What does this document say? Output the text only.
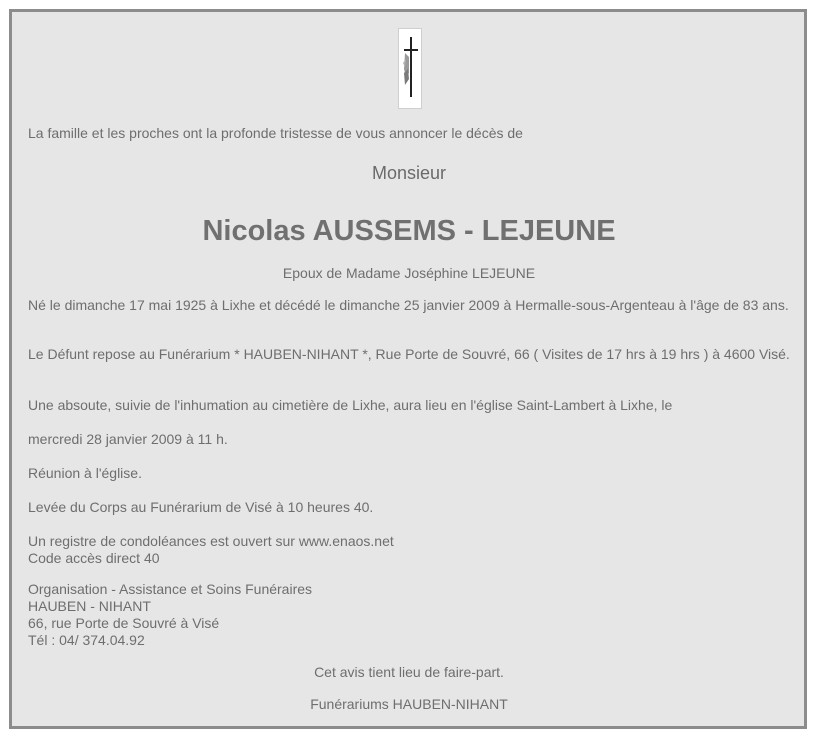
La famille et les proches ont la profonde tristesse de vous annoncer le décès de
Monsieur
Nicolas AUSSEMS - LEJEUNE
Epoux de Madame Joséphine LEJEUNE
Né le dimanche 17 mai 1925 à Lixhe et décédé le dimanche 25 janvier 2009 à Hermalle-sous-Argenteau à l'âge de 83 ans.
Le Défunt repose au Funérarium * HAUBEN-NIHANT *, Rue Porte de Souvré, 66 ( Visites de 17 hrs à 19 hrs ) à 4600 Visé.
Une absoute, suivie de l'inhumation au cimetière de Lixhe, aura lieu en l'église Saint-Lambert à Lixhe, le
mercredi 28 janvier 2009 à 11 h.
Réunion à l'église.
Levée du Corps au Funérarium de Visé à 10 heures 40.
Un registre de condoléances est ouvert sur www.enaos.net
Code accès direct 40
Organisation - Assistance et Soins Funéraires
HAUBEN - NIHANT
66, rue Porte de Souvré à Visé
Tél : 04/ 374.04.92
Cet avis tient lieu de faire-part.
Funérariums HAUBEN-NIHANT
